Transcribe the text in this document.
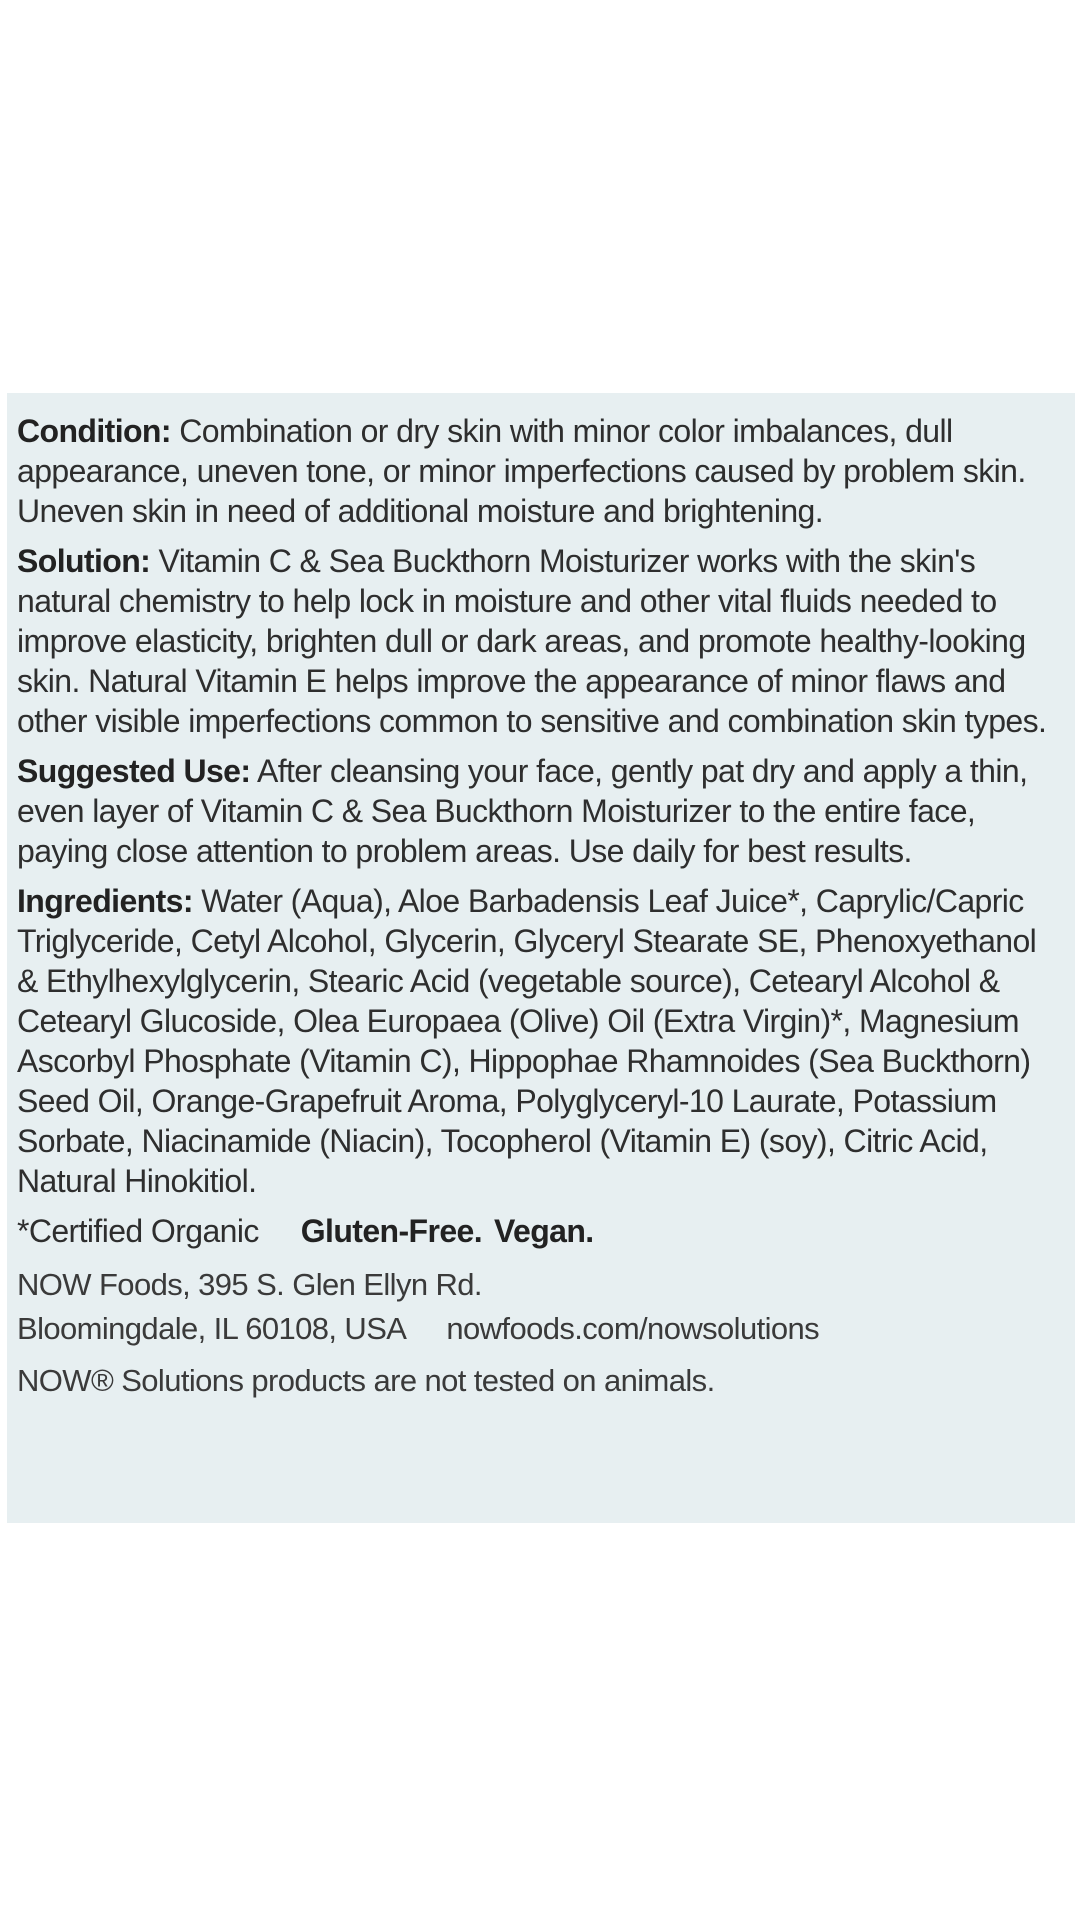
Condition: Combination or dry skin with minor color imbalances, dull appearance, uneven tone, or minor imperfections caused by problem skin. Uneven skin in need of additional moisture and brightening.

Solution: Vitamin C & Sea Buckthorn Moisturizer works with the skin's natural chemistry to help lock in moisture and other vital fluids needed to improve elasticity, brighten dull or dark areas, and promote healthy-looking skin. Natural Vitamin E helps improve the appearance of minor flaws and other visible imperfections common to sensitive and combination skin types.

Suggested Use: After cleansing your face, gently pat dry and apply a thin, even layer of Vitamin C & Sea Buckthorn Moisturizer to the entire face, paying close attention to problem areas. Use daily for best results.

Ingredients: Water (Aqua), Aloe Barbadensis Leaf Juice*, Caprylic/Capric Triglyceride, Cetyl Alcohol, Glycerin, Glyceryl Stearate SE, Phenoxyethanol & Ethylhexylglycerin, Stearic Acid (vegetable source), Cetearyl Alcohol & Cetearyl Glucoside, Olea Europaea (Olive) Oil (Extra Virgin)*, Magnesium Ascorbyl Phosphate (Vitamin C), Hippophae Rhamnoides (Sea Buckthorn) Seed Oil, Orange-Grapefruit Aroma, Polyglyceryl-10 Laurate, Potassium Sorbate, Niacinamide (Niacin), Tocopherol (Vitamin E) (soy), Citric Acid, Natural Hinokitiol.

*Certified Organic Gluten-Free. Vegan.

NOW Foods, 395 S. Glen Ellyn Rd.

Bloomingdale, IL 60108, USA nowfoods.com/nowsolutions

NOW® Solutions products are not tested on animals.
